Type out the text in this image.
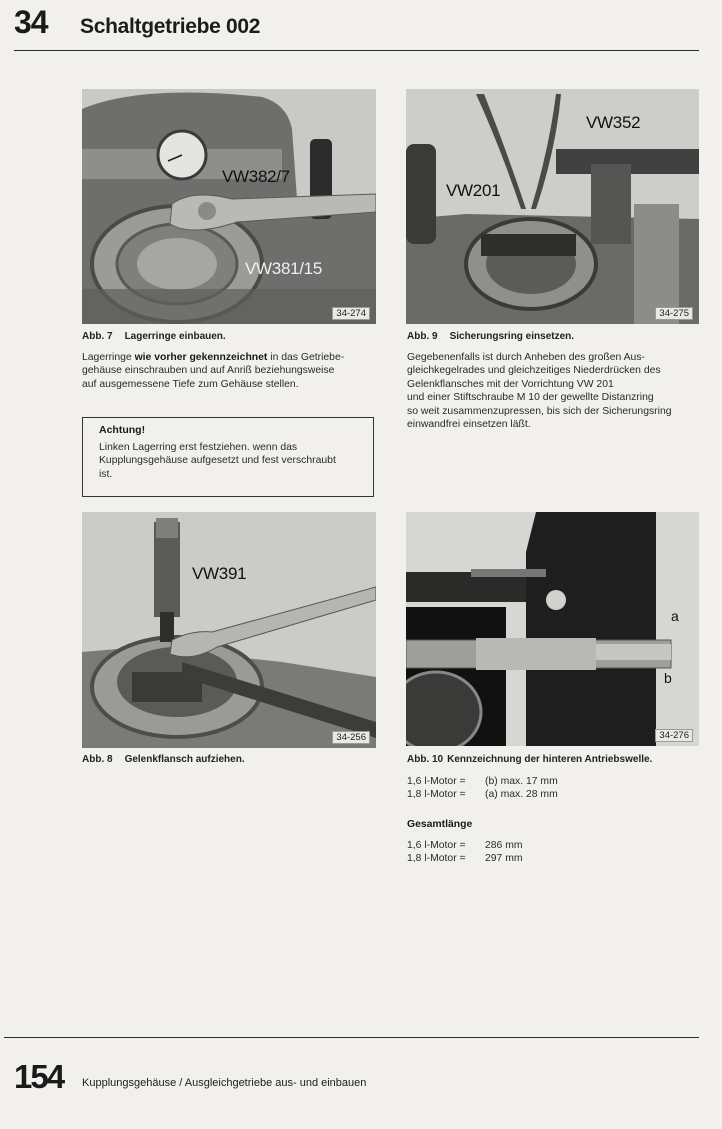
34 Schaltgetriebe 002
VW382/7
VW381/15
34-274
VW352
VW201
34-275
Abb. 7 Lagerringe einbauen.
Lagerringe wie vorher gekennzeichnet in das Getriebe-
gehäuse einschrauben und auf Anriß beziehungsweise
auf ausgemessene Tiefe zum Gehäuse stellen.
Achtung!
Linken Lagerring erst festziehen. wenn das
Kupplungsgehäuse aufgesetzt und fest verschraubt
ist.
Abb. 9 Sicherungsring einsetzen.
Gegebenenfalls ist durch Anheben des großen Aus-
gleichkegelrades und gleichzeitiges Niederdrücken des
Gelenkflansches mit der Vorrichtung VW 201
und einer Stiftschraube M 10 der gewellte Distanzring
so weit zusammenzupressen, bis sich der Sicherungsring
einwandfrei einsetzen läßt.
VW391
34-256
a
b
34-276
Abb. 8 Gelenkflansch aufziehen.	Abb. 10 Kennzeichnung der hinteren Antriebswelle.
1,6 l-Motor = (b) max. 17 mm
1,8 l-Motor = (a) max. 28 mm
Gesamtlänge
1,6 l-Motor = 286 mm
1,8 l-Motor = 297 mm
154 Kupplungsgehäuse / Ausgleichgetriebe aus- und einbauen
